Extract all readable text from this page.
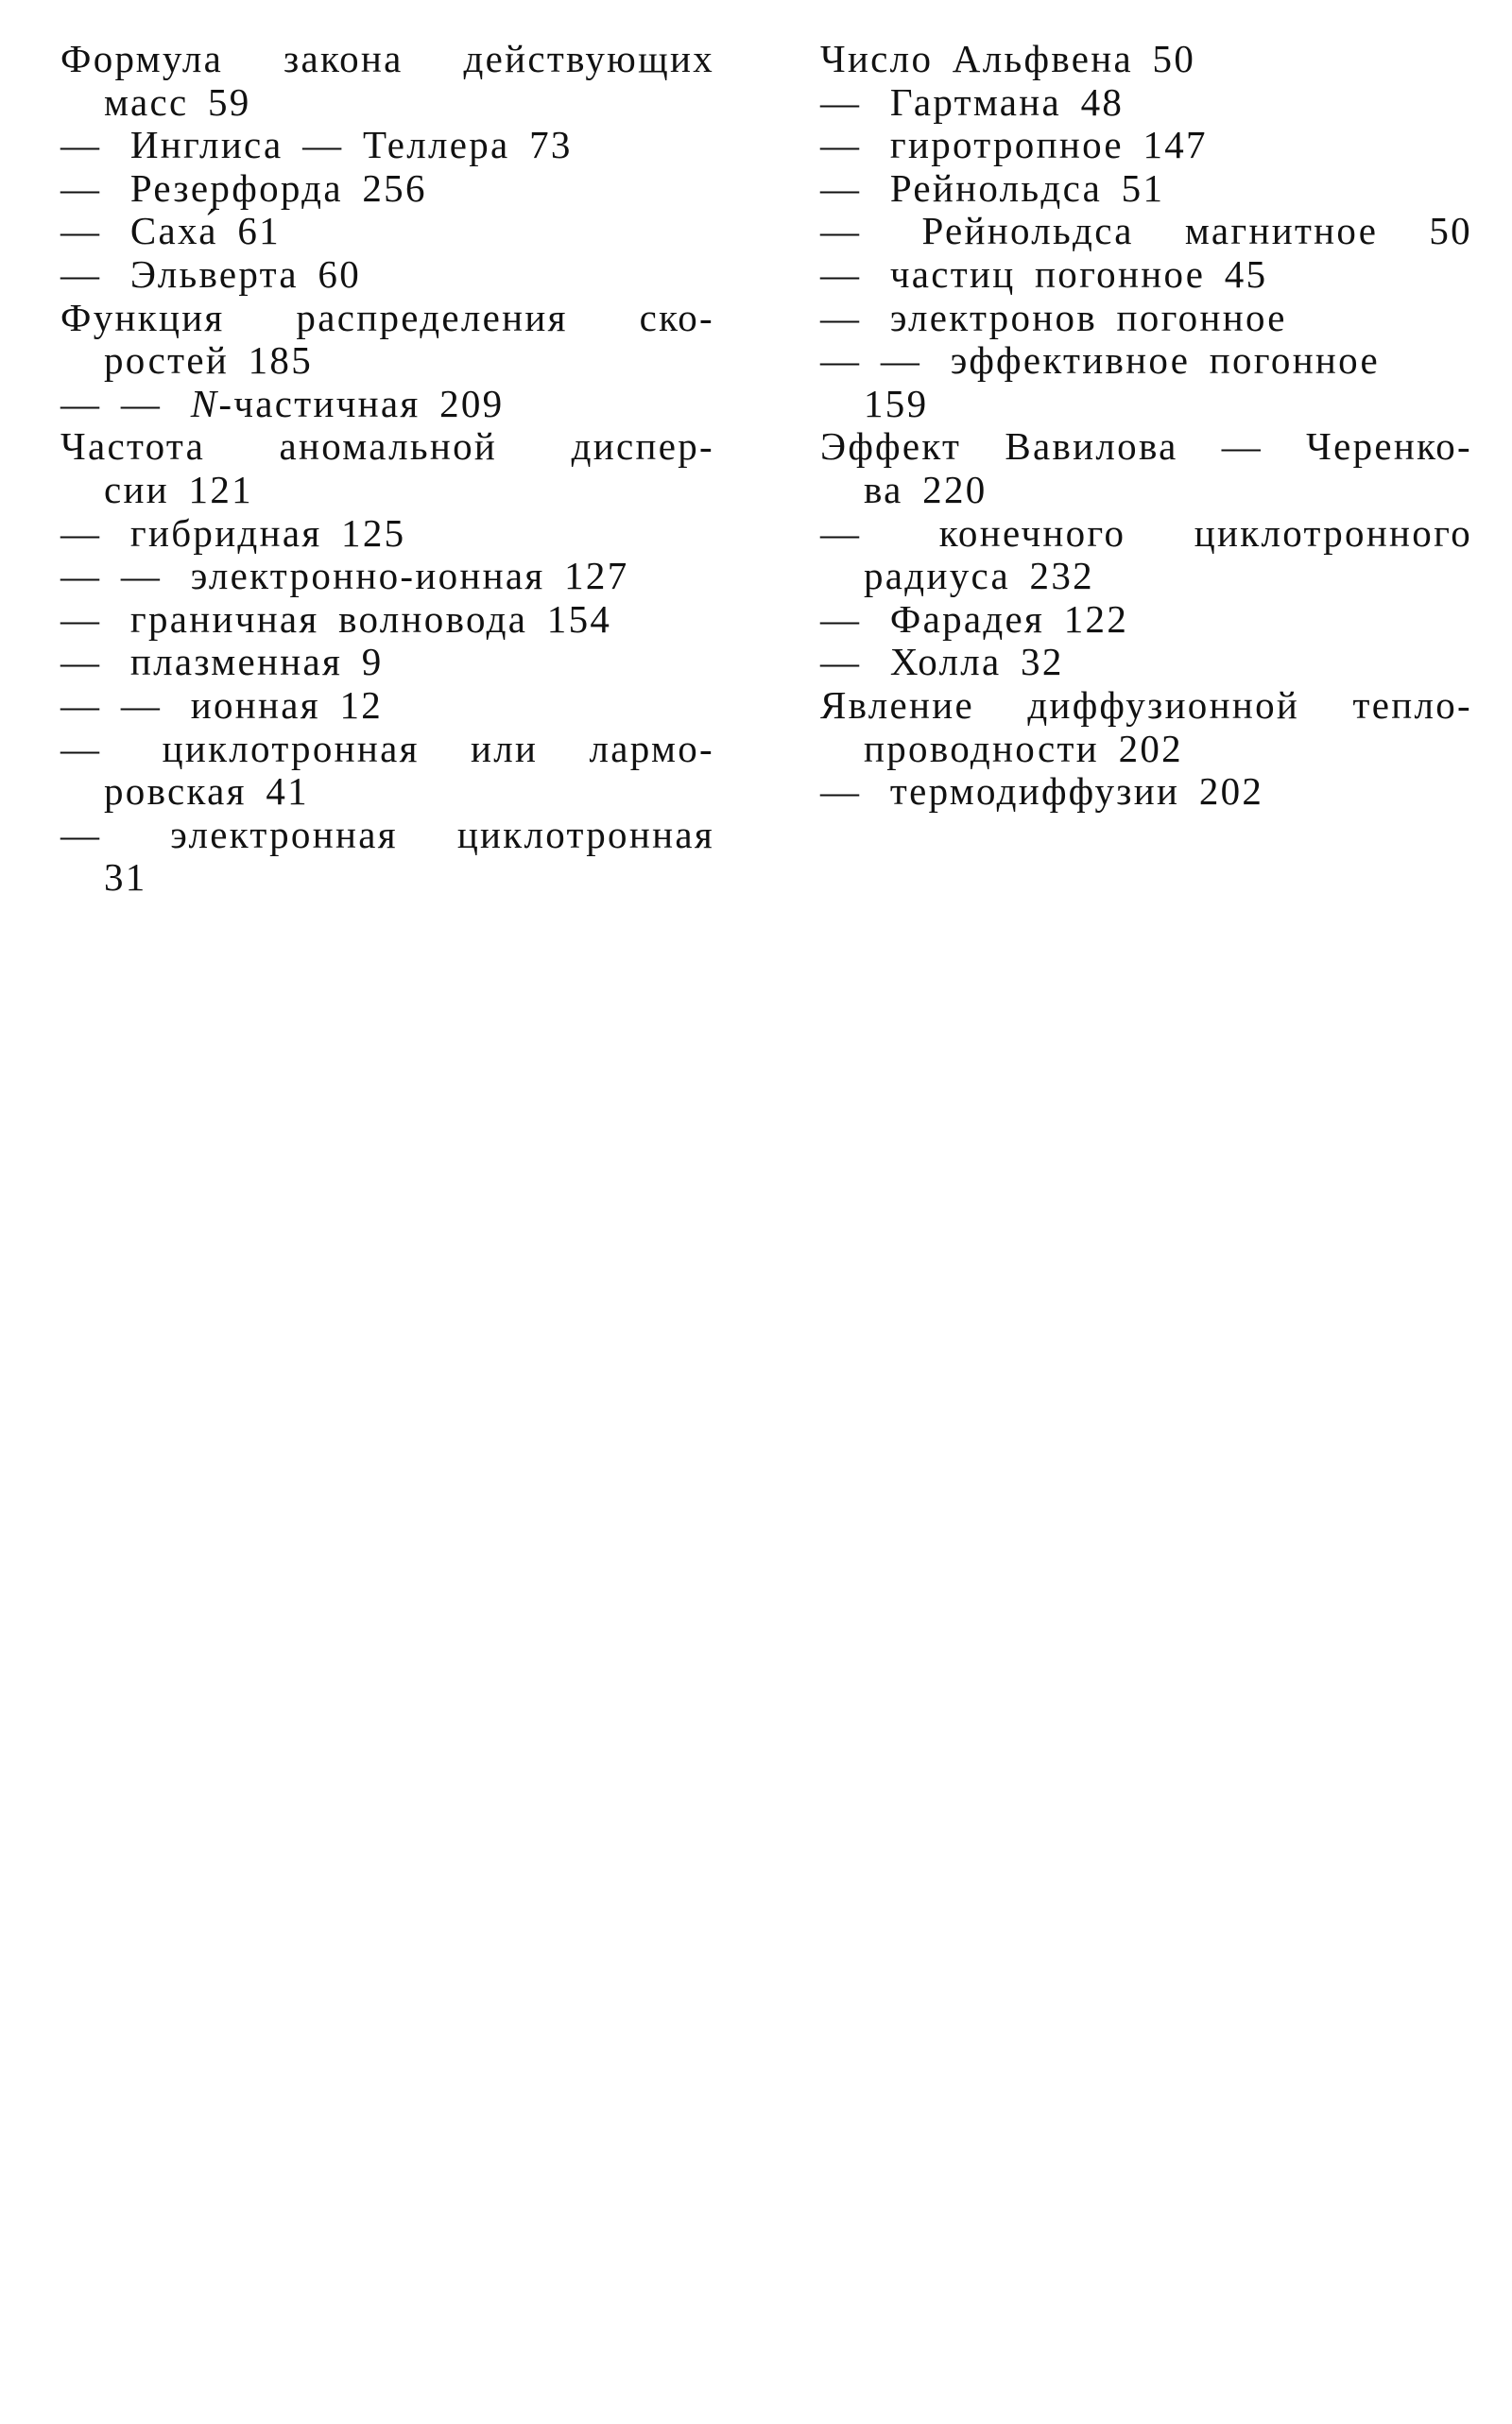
Формула закона действующих
масс 59
— Инглиса — Теллера 73
— Резерфорда 256
— Саха́ 61
— Эльверта 60
Функция распределения ско-
ростей 185
— — N-частичная 209
Частота аномальной диспер-
сии 121
— гибридная 125
— — электронно-ионная 127
— граничная волновода 154
— плазменная 9
— — ионная 12
— циклотронная или лармо-
ровская 41
— электронная циклотронная
31
Число Альфвена 50
— Гартмана 48
— гиротропное 147
— Рейнольдса 51
— Рейнольдса магнитное 50
— частиц погонное 45
— электронов погонное
— — эффективное погонное
159
Эффект Вавилова — Черенко-
ва 220
— конечного циклотронного
радиуса 232
— Фарадея 122
— Холла 32
Явление диффузионной тепло-
проводности 202
— термодиффузии 202
